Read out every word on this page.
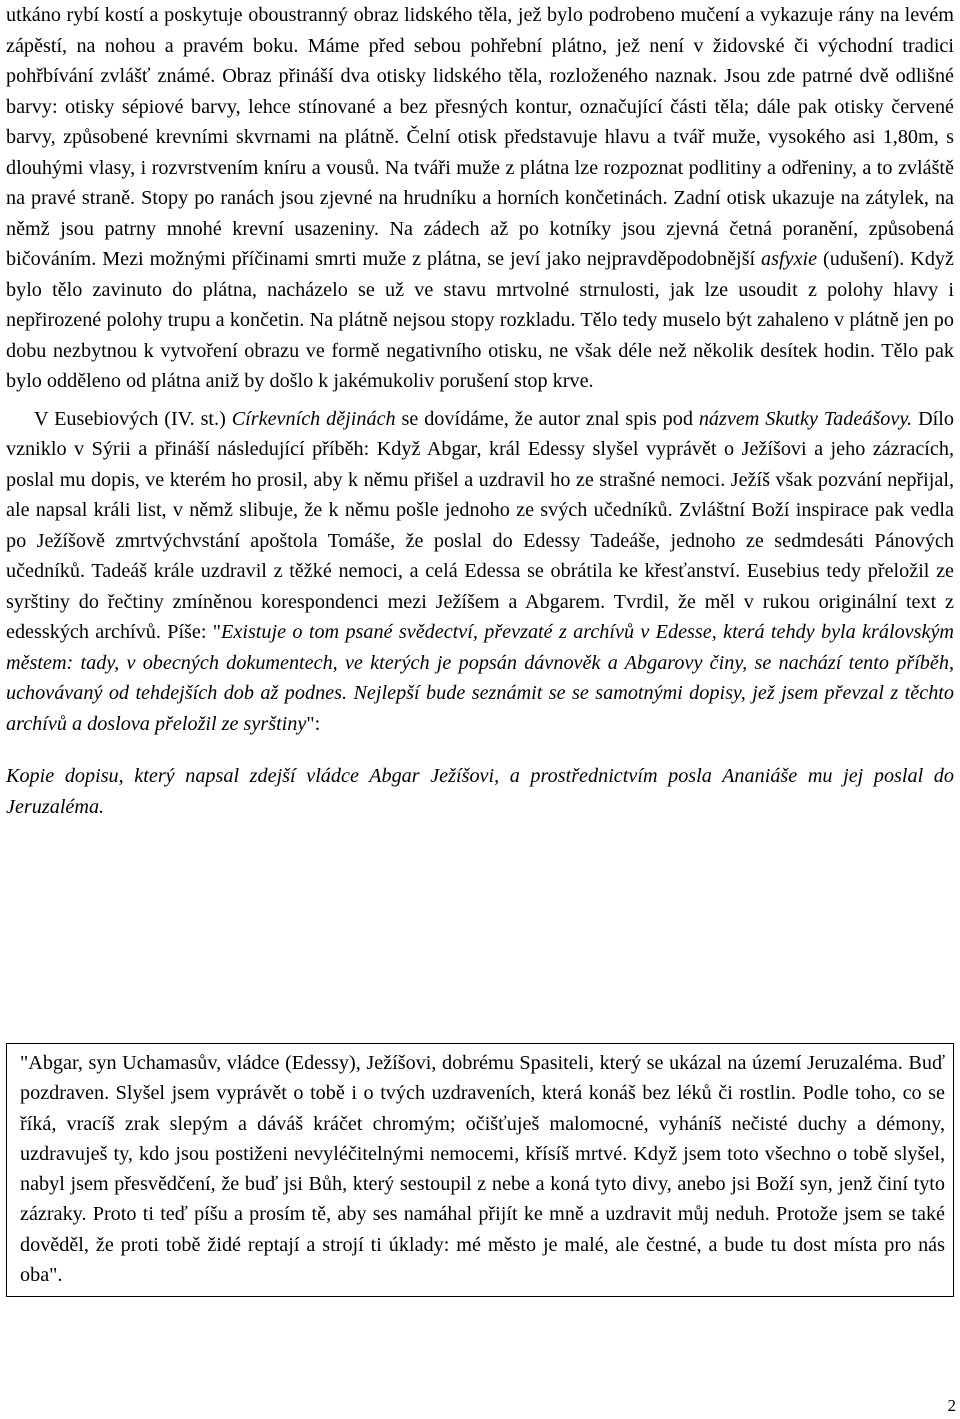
utkáno rybí kostí a poskytuje oboustranný obraz lidského těla, jež bylo podrobeno mučení a vykazuje rány na levém zápěstí, na nohou a pravém boku. Máme před sebou pohřební plátno, jež není v židovské či východní tradici pohřbívání zvlášť známé. Obraz přináší dva otisky lidského těla, rozloženého naznak. Jsou zde patrné dvě odlišné barvy: otisky sépiové barvy, lehce stínované a bez přesných kontur, označující části těla; dále pak otisky červené barvy, způsobené krevními skvrnami na plátně. Čelní otisk představuje hlavu a tvář muže, vysokého asi 1,80m, s dlouhými vlasy, i rozvrstvením kníru a vousů. Na tváři muže z plátna lze rozpoznat podlitiny a odřeniny, a to zvláště na pravé straně. Stopy po ranách jsou zjevné na hrudníku a horních končetinách. Zadní otisk ukazuje na zátylek, na němž jsou patrny mnohé krevní usazeniny. Na zádech až po kotníky jsou zjevná četná poranění, způsobená bičováním. Mezi možnými příčinami smrti muže z plátna, se jeví jako nejpravděpodobnější asfyxie (udušení). Když bylo tělo zavinuto do plátna, nacházelo se už ve stavu mrtvolné strnulosti, jak lze usoudit z polohy hlavy i nepřirozené polohy trupu a končetin. Na plátně nejsou stopy rozkladu. Tělo tedy muselo být zahaleno v plátně jen po dobu nezbytnou k vytvoření obrazu ve formě negativního otisku, ne však déle než několik desítek hodin. Tělo pak bylo odděleno od plátna aniž by došlo k jakémukoliv porušení stop krve.

V Eusebiových (IV. st.) Církevních dějinách se dovídáme, že autor znal spis pod názvem Skutky Tadeášovy. Dílo vzniklo v Sýrii a přináší následující příběh: Když Abgar, král Edessy slyšel vyprávět o Ježíšovi a jeho zázracích, poslal mu dopis, ve kterém ho prosil, aby k němu přišel a uzdravil ho ze strašné nemoci. Ježíš však pozvání nepřijal, ale napsal králi list, v němž slibuje, že k němu pošle jednoho ze svých učedníků. Zvláštní Boží inspirace pak vedla po Ježíšově zmrtvýchvstání apoštola Tomáše, že poslal do Edessy Tadeáše, jednoho ze sedmdesáti Pánových učedníků. Tadeáš krále uzdravil z těžké nemoci, a celá Edessa se obrátila ke křesťanství. Eusebius tedy přeložil ze syrštiny do řečtiny zmíněnou korespondenci mezi Ježíšem a Abgarem. Tvrdil, že měl v rukou originální text z edesských archívů. Píše: "Existuje o tom psané svědectví, převzaté z archívů v Edesse, která tehdy byla královským městem: tady, v obecných dokumentech, ve kterých je popsán dávnověk a Abgarovy činy, se nachází tento příběh, uchovávaný od tehdejších dob až podnes. Nejlepší bude seznámit se se samotnými dopisy, jež jsem převzal z těchto archívů a doslova přeložil ze syrštiny":

Kopie dopisu, který napsal zdejší vládce Abgar Ježíšovi, a prostřednictvím posla Ananiáše mu jej poslal do Jeruzaléma.

"Abgar, syn Uchamasův, vládce (Edessy), Ježíšovi, dobrému Spasiteli, který se ukázal na území Jeruzaléma. Buď pozdraven. Slyšel jsem vyprávět o tobě i o tvých uzdraveních, která konáš bez léků či rostlin. Podle toho, co se říká, vracíš zrak slepým a dáváš kráčet chromým; očišťuješ malomocné, vyháníš nečisté duchy a démony, uzdravuješ ty, kdo jsou postiženi nevyléčitelnými nemocemi, křísíš mrtvé. Když jsem toto všechno o tobě slyšel, nabyl jsem přesvědčení, že buď jsi Bůh, který sestoupil z nebe a koná tyto divy, anebo jsi Boží syn, jenž činí tyto zázraky. Proto ti teď píšu a prosím tě, aby ses namáhal přijít ke mně a uzdravit můj neduh. Protože jsem se také dověděl, že proti tobě židé reptají a strojí ti úklady: mé město je malé, ale čestné, a bude tu dost místa pro nás oba".

2
